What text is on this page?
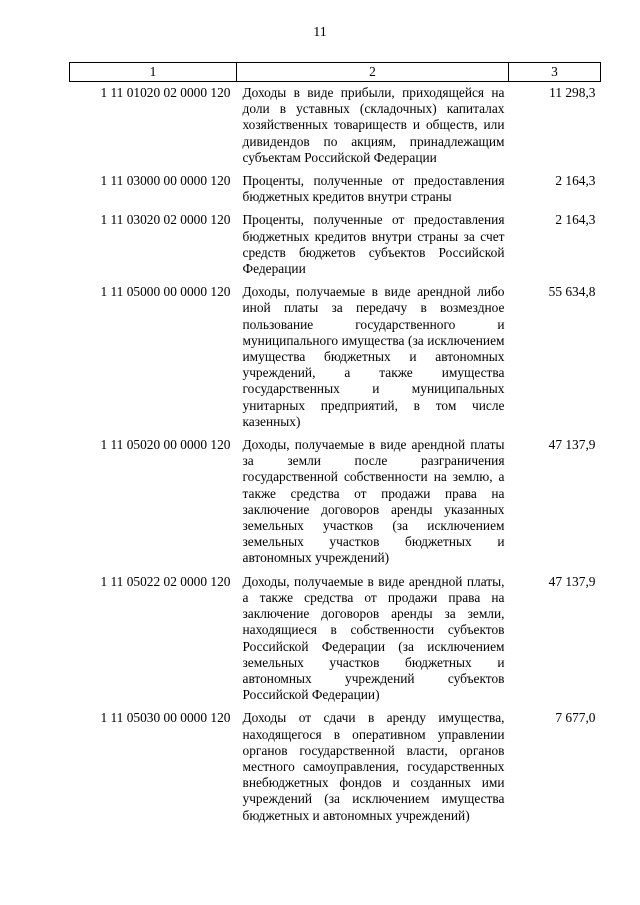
11
1	2	3
1 11 01020 02 0000 120	Доходы в виде прибыли, приходящейся на доли в уставных (складочных) капиталах хозяйственных товариществ и обществ, или дивидендов по акциям, принадлежащим субъектам Российской Федерации	11 298,3
1 11 03000 00 0000 120	Проценты, полученные от предоставления бюджетных кредитов внутри страны	2 164,3
1 11 03020 02 0000 120	Проценты, полученные от предоставления бюджетных кредитов внутри страны за счет средств бюджетов субъектов Российской Федерации	2 164,3
1 11 05000 00 0000 120	Доходы, получаемые в виде арендной либо иной платы за передачу в возмездное пользование государственного и муниципального имущества (за исключением имущества бюджетных и автономных учреждений, а также имущества государственных и муниципальных унитарных предприятий, в том числе казенных)	55 634,8
1 11 05020 00 0000 120	Доходы, получаемые в виде арендной платы за земли после разграничения государственной собственности на землю, а также средства от продажи права на заключение договоров аренды указанных земельных участков (за исключением земельных участков бюджетных и автономных учреждений)	47 137,9
1 11 05022 02 0000 120	Доходы, получаемые в виде арендной платы, а также средства от продажи права на заключение договоров аренды за земли, находящиеся в собственности субъектов Российской Федерации (за исключением земельных участков бюджетных и автономных учреждений субъектов Российской Федерации)	47 137,9
1 11 05030 00 0000 120	Доходы от сдачи в аренду имущества, находящегося в оперативном управлении органов государственной власти, органов местного самоуправления, государственных внебюджетных фондов и созданных ими учреждений (за исключением имущества бюджетных и автономных учреждений)	7 677,0
